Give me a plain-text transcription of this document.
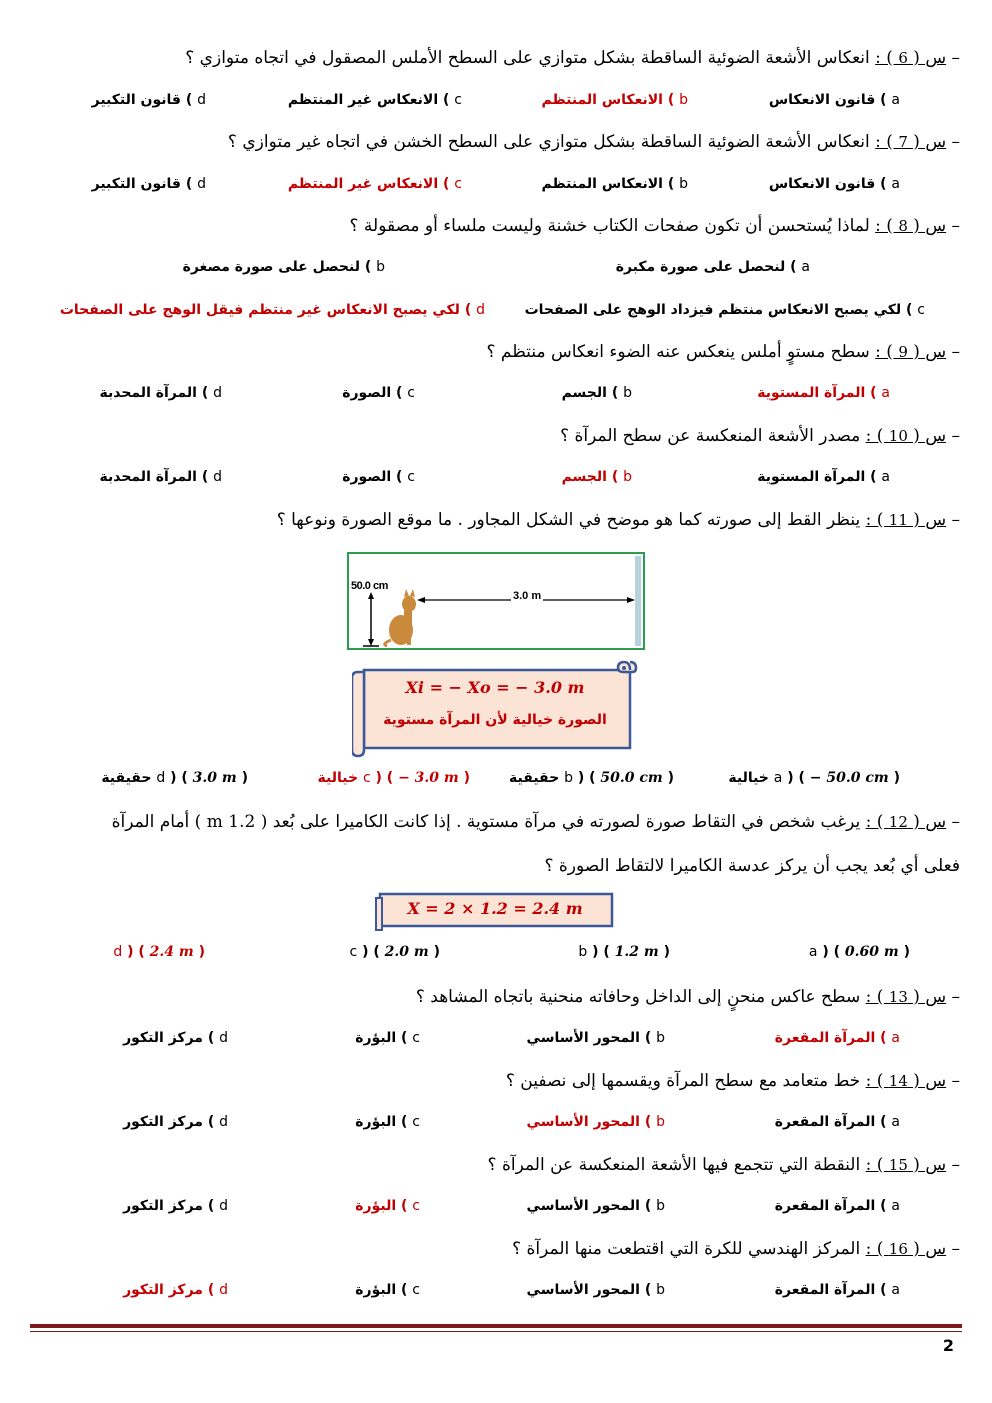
– س ( 6 ) : انعكاس الأشعة الضوئية الساقطة بشكل متوازي على السطح الأملس المصقول في اتجاه متوازي ؟
a ) قانون الانعكاس
b ) الانعكاس المنتظم
c ) الانعكاس غير المنتظم
d ) قانون التكبير
– س ( 7 ) : انعكاس الأشعة الضوئية الساقطة بشكل متوازي على السطح الخشن في اتجاه غير متوازي ؟
a ) قانون الانعكاس
b ) الانعكاس المنتظم
c ) الانعكاس غير المنتظم
d ) قانون التكبير
– س ( 8 ) : لماذا يُستحسن أن تكون صفحات الكتاب خشنة وليست ملساء أو مصقولة ؟
a ) لنحصل على صورة مكبرة
b ) لنحصل على صورة مصغرة
c ) لكي يصبح الانعكاس منتظم فيزداد الوهج على الصفحات
d ) لكي يصبح الانعكاس غير منتظم فيقل الوهج على الصفحات
– س ( 9 ) : سطح مستوٍ أملس ينعكس عنه الضوء انعكاس منتظم ؟
a ) المرآة المستوية
b ) الجسم
c ) الصورة
d ) المرآة المحدبة
– س ( 10 ) : مصدر الأشعة المنعكسة عن سطح المرآة ؟
a ) المرآة المستوية
b ) الجسم
c ) الصورة
d ) المرآة المحدبة
– س ( 11 ) : ينظر القط إلى صورته كما هو موضح في الشكل المجاور . ما موقع الصورة ونوعها ؟
50.0 cm
3.0 m
Xi = − Xo = − 3.0 m
الصورة خيالية لأن المرآة مستوية
a ) ( − 50.0 cm ) خيالية
b ) ( 50.0 cm ) حقيقية
c ) ( − 3.0 m ) خيالية
d ) ( 3.0 m ) حقيقية
– س ( 12 ) : يرغب شخص في التقاط صورة لصورته في مرآة مستوية . إذا كانت الكاميرا على بُعد ( 1.2 m ) أمام المرآة
فعلى أي بُعد يجب أن يركز عدسة الكاميرا لالتقاط الصورة ؟
X = 2 × 1.2 = 2.4 m
a ) ( 0.60 m )
b ) ( 1.2 m )
c ) ( 2.0 m )
d ) ( 2.4 m )
– س ( 13 ) : سطح عاكس منحنٍ إلى الداخل وحافاته منحنية باتجاه المشاهد ؟
a ) المرآة المقعرة
b ) المحور الأساسي
c ) البؤرة
d ) مركز التكور
– س ( 14 ) : خط متعامد مع سطح المرآة ويقسمها إلى نصفين ؟
a ) المرآة المقعرة
b ) المحور الأساسي
c ) البؤرة
d ) مركز التكور
– س ( 15 ) : النقطة التي تتجمع فيها الأشعة المنعكسة عن المرآة ؟
a ) المرآة المقعرة
b ) المحور الأساسي
c ) البؤرة
d ) مركز التكور
– س ( 16 ) : المركز الهندسي للكرة التي اقتطعت منها المرآة ؟
a ) المرآة المقعرة
b ) المحور الأساسي
c ) البؤرة
d ) مركز التكور
2
